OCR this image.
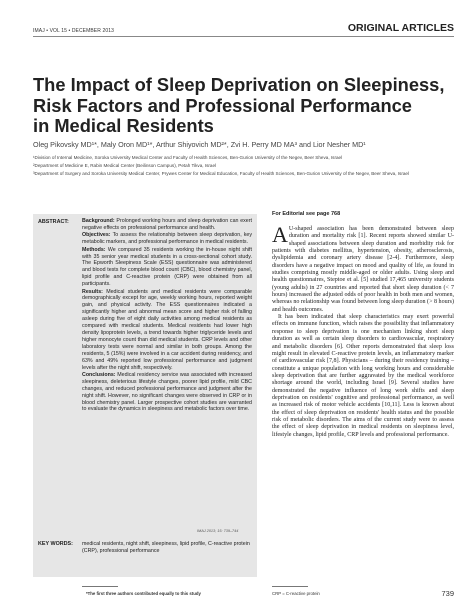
IMAJ • VOL 15 • DECEMBER 2013	ORIGINAL ARTICLES
The Impact of Sleep Deprivation on Sleepiness,
Risk Factors and Professional Performance
in Medical Residents
Oleg Pikovsky MD¹*, Maly Oron MD¹*, Arthur Shiyovich MD²*, Zvi H. Perry MD MA³ and Lior Nesher MD¹
¹Division of Internal Medicine, Soroka University Medical Center and Faculty of Health Sciences, Ben-Gurion University of the Negev, Beer Sheva, Israel
²Department of Medicine E, Rabin Medical Center (Beilinson Campus), Petah Tikva, Israel
³Department of Surgery and Soroka University Medical Center, Prywes Center for Medical Education, Faculty of Health Sciences, Ben-Gurion University of the Negev, Beer Sheva, Israel
For Editorial see page 768
ABSTRACT: Background: Prolonged working hours and sleep deprivation can exert negative effects on professional performance and health.

Objectives: To assess the relationship between sleep deprivation, key metabolic markers, and professional performance in medical residents.

Methods: We compared 35 residents working the in-house night shift with 35 senior year medical students in a cross-sectional cohort study. The Epworth Sleepiness Scale (ESS) questionnaire was administered and blood tests for complete blood count (CBC), blood chemistry panel, lipid profile and C-reactive protein (CRP) were obtained from all participants.

Results: Medical students and medical residents were comparable demographically except for age, weekly working hours, reported weight gain, and physical activity. The ESS questionnaires indicated a significantly higher and abnormal mean score and higher risk of falling asleep during five of eight daily activities among medical residents as compared with medical students. Medical residents had lower high density lipoprotein levels, a trend towards higher triglyceride levels and higher monocyte count than did medical students. CRP levels and other laboratory tests were normal and similar in both groups. Among the residents, 5 (15%) were involved in a car accident during residency, and 63% and 49% reported low professional performance and judgment levels after the night shift, respectively.

Conclusions: Medical residency service was associated with increased sleepiness, deleterious lifestyle changes, poorer lipid profile, mild CBC changes, and reduced professional performance and judgment after the night shift. However, no significant changes were observed in CRP or in blood chemistry panel. Larger prospective cohort studies are warranted to evaluate the dynamics in sleepiness and metabolic factors over time.

IMAJ 2013; 15: 739–744
KEY WORDS: medical residents, night shift, sleepiness, lipid profile, C-reactive protein (CRP), professional performance

A U-shaped association has been demonstrated between sleep duration and mortality risk [1]. Recent reports showed similar U-shaped associations between sleep duration and morbidity risk for patients with diabetes mellitus, hypertension, obesity, atherosclerosis, dyslipidemia and coronary artery disease [2-4]. Furthermore, sleep disorders have a negative impact on mood and quality of life, as found in studies comprising mostly middle-aged or older adults. Using sleep and health questionnaires, Steptoe et al. [5] studied 17,465 university students (young adults) in 27 countries and reported that short sleep duration (< 7 hours) increased the adjusted odds of poor health in both men and women, whereas no relationship was found between long sleep duration (> 8 hours) and health outcomes.

It has been indicated that sleep characteristics may exert powerful effects on immune function, which raises the possibility that inflammatory response to sleep deprivation is one mechanism linking short sleep duration as well as certain sleep disorders to cardiovascular, respiratory and metabolic disorders [6]. Other reports demonstrated that sleep loss might result in elevated C-reactive protein levels, an inflammatory marker of cardiovascular risk [7,8]. Physicians – during their residency training – constitute a unique population with long working hours and considerable sleep deprivation that are further aggravated by the medical workforce shortage around the world, including Israel [9]. Several studies have demonstrated the negative influence of long work shifts and sleep deprivation on residents' cognitive and professional performance, as well as increased risk of motor vehicle accidents [10,11]. Less is known about the effect of sleep deprivation on residents' health status and the possible risk of metabolic disorders. The aims of the current study were to assess the effect of sleep deprivation in medical residents on sleepiness level, lifestyle changes, lipid profile, CRP levels and professional performance.

*The first three authors contributed equally to this study	CRP = C-reactive protein	739
